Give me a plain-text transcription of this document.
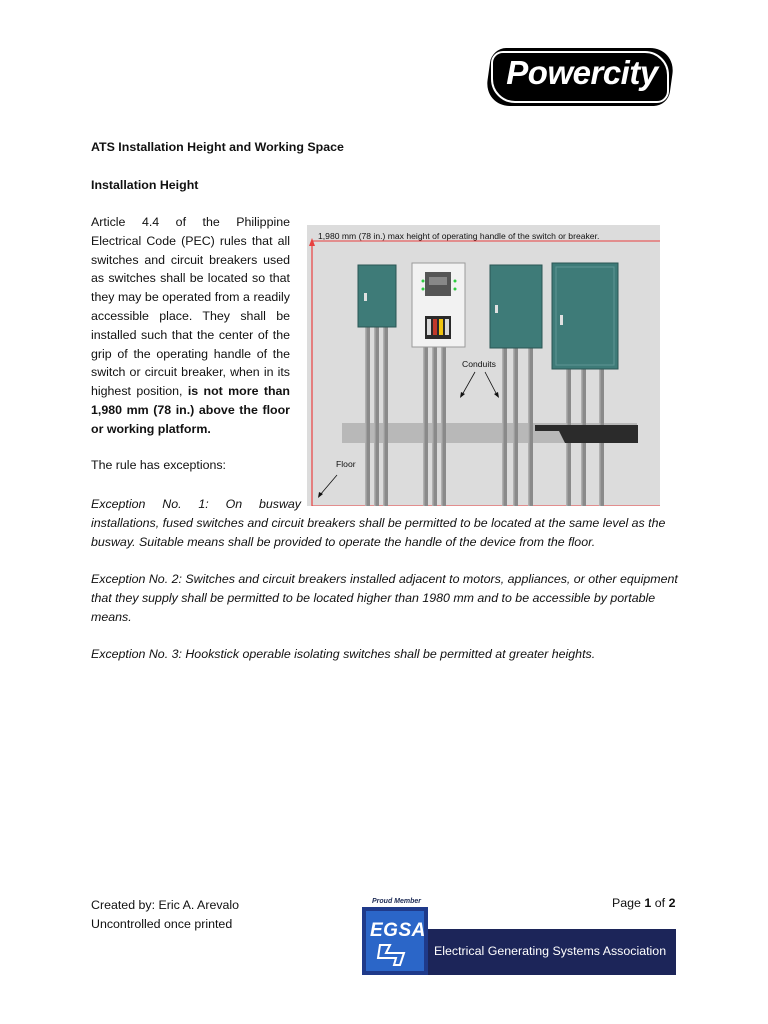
Powercity
ATS Installation Height and Working Space
Installation Height
Article 4.4 of the Philippine Electrical Code (PEC) rules that all switches and circuit breakers used as switches shall be located so that they may be operated from a readily accessible place. They shall be installed such that the center of the grip of the operating handle of the switch or circuit breaker, when in its highest position, is not more than 1,980 mm (78 in.) above the floor or working platform.
The rule has exceptions:
Exception No. 1: On busway
installations, fused switches and circuit breakers shall be permitted to be located at the same level as the busway. Suitable means shall be provided to operate the handle of the device from the floor.
Exception No. 2: Switches and circuit breakers installed adjacent to motors, appliances, or other equipment that they supply shall be permitted to be located higher than 1980 mm and to be accessible by portable means.
Exception No. 3: Hookstick operable isolating switches shall be permitted at greater heights.
1,980 mm (78 in.) max height of operating handle of the switch or breaker.
Conduits
Floor
Created by: Eric A. Arevalo
Uncontrolled once printed
Page 1 of 2
Proud Member
EGSA
Electrical Generating Systems Association
